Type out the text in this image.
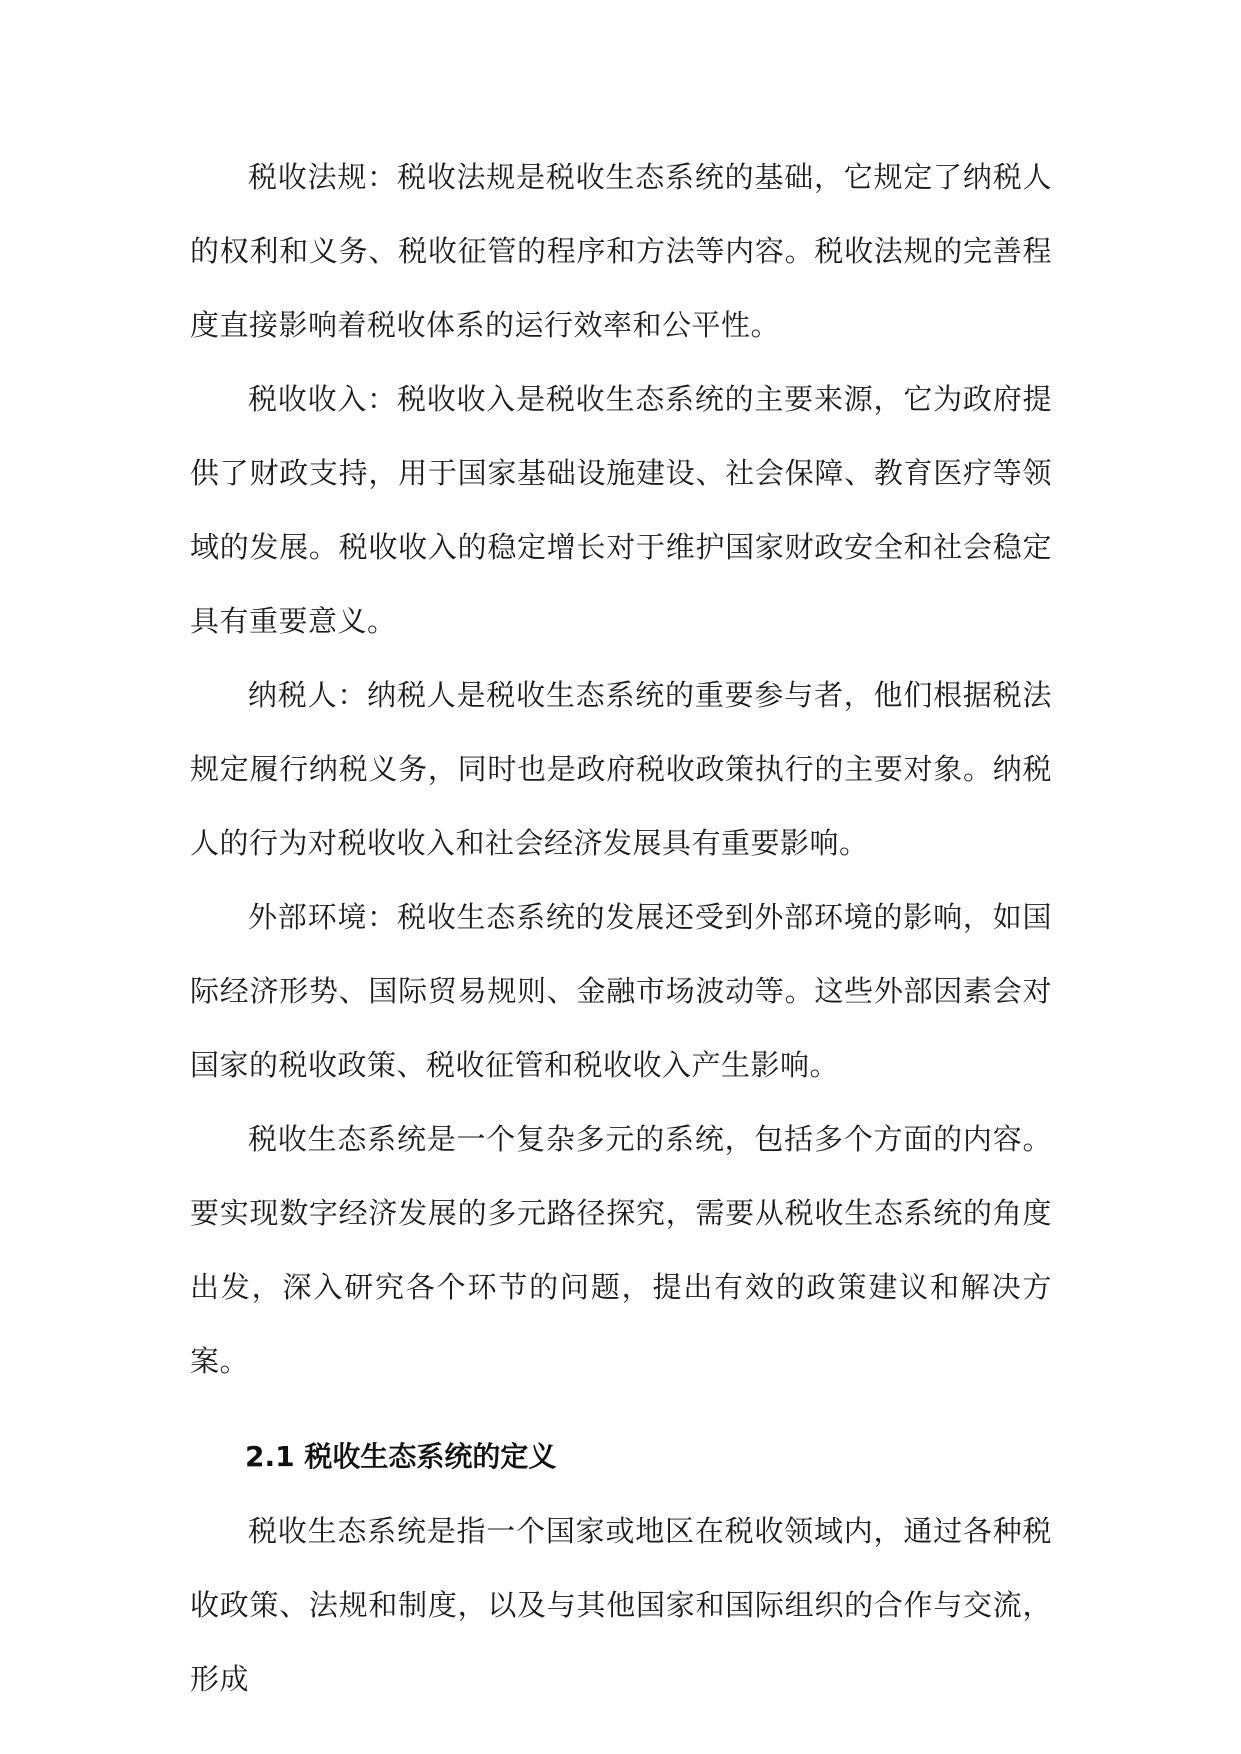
税收法规：税收法规是税收生态系统的基础，它规定了纳税人的权利和义务、税收征管的程序和方法等内容。税收法规的完善程度直接影响着税收体系的运行效率和公平性。

税收收入：税收收入是税收生态系统的主要来源，它为政府提供了财政支持，用于国家基础设施建设、社会保障、教育医疗等领域的发展。税收收入的稳定增长对于维护国家财政安全和社会稳定具有重要意义。

纳税人：纳税人是税收生态系统的重要参与者，他们根据税法规定履行纳税义务，同时也是政府税收政策执行的主要对象。纳税人的行为对税收收入和社会经济发展具有重要影响。

外部环境：税收生态系统的发展还受到外部环境的影响，如国际经济形势、国际贸易规则、金融市场波动等。这些外部因素会对国家的税收政策、税收征管和税收收入产生影响。

税收生态系统是一个复杂多元的系统，包括多个方面的内容。要实现数字经济发展的多元路径探究，需要从税收生态系统的角度出发，深入研究各个环节的问题，提出有效的政策建议和解决方案。

2.1 税收生态系统的定义

税收生态系统是指一个国家或地区在税收领域内，通过各种税收政策、法规和制度，以及与其他国家和国际组织的合作与交流，形成
